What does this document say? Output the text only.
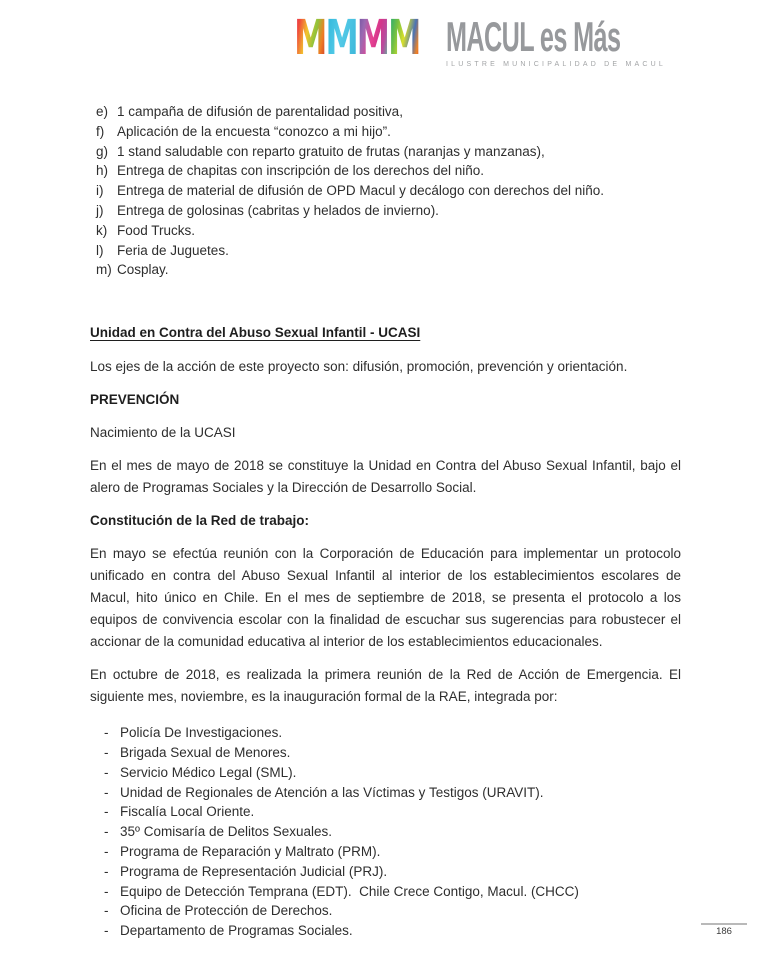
M M M M MACUL es Más
ILUSTRE MUNICIPALIDAD DE MACUL
e) 1 campaña de difusión de parentalidad positiva,
f) Aplicación de la encuesta “conozco a mi hijo”.
g) 1 stand saludable con reparto gratuito de frutas (naranjas y manzanas),
h) Entrega de chapitas con inscripción de los derechos del niño.
i)	Entrega de material de difusión de OPD Macul y decálogo con derechos del niño.
j)	Entrega de golosinas (cabritas y helados de invierno).
k) Food Trucks.
l)	Feria de Juguetes.
m) Cosplay.

Unidad en Contra del Abuso Sexual Infantil - UCASI

Los ejes de la acción de este proyecto son: difusión, promoción, prevención y orientación.

PREVENCIÓN

Nacimiento de la UCASI

En el mes de mayo de 2018 se constituye la Unidad en Contra del Abuso Sexual Infantil, bajo el alero de Programas Sociales y la Dirección de Desarrollo Social.

Constitución de la Red de trabajo:

En mayo se efectúa reunión con la Corporación de Educación para implementar un protocolo unificado en contra del Abuso Sexual Infantil al interior de los establecimientos escolares de Macul, hito único en Chile. En el mes de septiembre de 2018, se presenta el protocolo a los equipos de convivencia escolar con la finalidad de escuchar sus sugerencias para robustecer el accionar de la comunidad educativa al interior de los establecimientos educacionales.

En octubre de 2018, es realizada la primera reunión de la Red de Acción de Emergencia. El siguiente mes, noviembre, es la inauguración formal de la RAE, integrada por:

- Policía De Investigaciones.
- Brigada Sexual de Menores.
- Servicio Médico Legal (SML).
- Unidad de Regionales de Atención a las Víctimas y Testigos (URAVIT).
- Fiscalía Local Oriente.
- 35º Comisaría de Delitos Sexuales.
- Programa de Reparación y Maltrato (PRM).
- Programa de Representación Judicial (PRJ).
- Equipo de Detección Temprana (EDT).  Chile Crece Contigo, Macul. (CHCC)
- Oficina de Protección de Derechos.
- Departamento de Programas Sociales.	186
